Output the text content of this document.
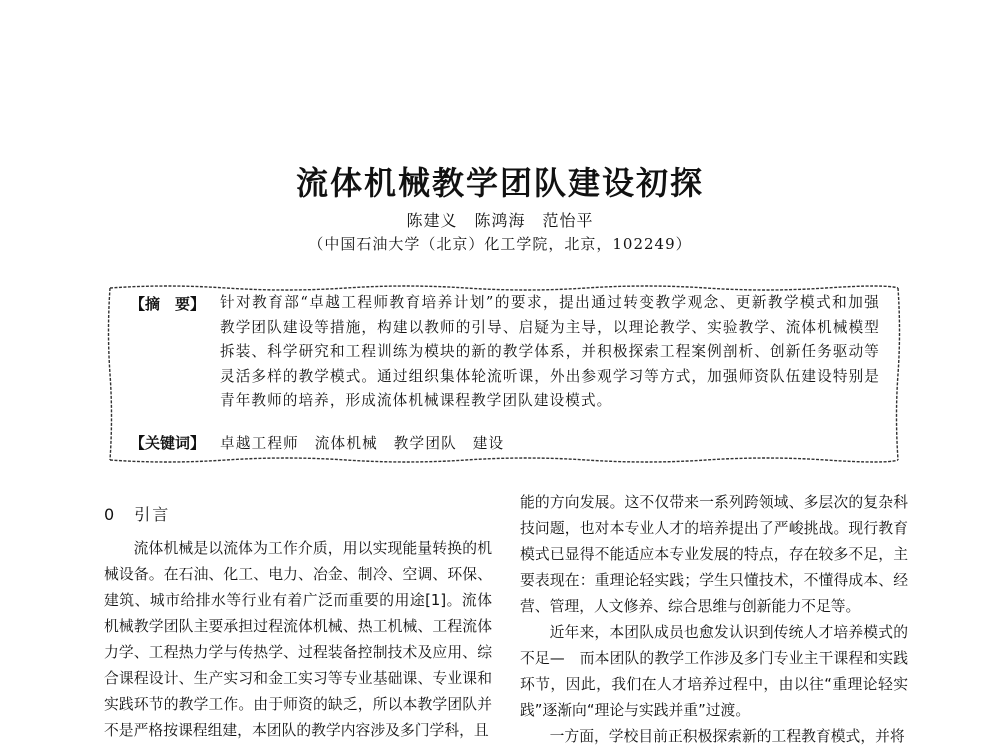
流体机械教学团队建设初探
陈建义　陈鸿海　范怡平
（中国石油大学（北京）化工学院，北京，102249）
【摘　要】 针对教育部“卓越工程师教育培养计划”的要求，提出通过转变教学观念、更新教学模式和加强教学团队建设等措施，构建以教师的引导、启疑为主导，以理论教学、实验教学、流体机械模型拆装、科学研究和工程训练为模块的新的教学体系，并积极探索工程案例剖析、创新任务驱动等灵活多样的教学模式。通过组织集体轮流听课，外出参观学习等方式，加强师资队伍建设特别是青年教师的培养，形成流体机械课程教学团队建设模式。
【关键词】 卓越工程师　流体机械　教学团队　建设
0　 引言

流体机械是以流体为工作介质，用以实现能量转换的机械设备。在石油、化工、电力、冶金、制冷、空调、环保、建筑、城市给排水等行业有着广泛而重要的用途[1]。流体机械教学团队主要承担过程流体机械、热工机械、工程流体力学、工程热力学与传热学、过程装备控制技术及应用、综合课程设计、生产实习和金工实习等专业基础课、专业课和实践环节的教学工作。由于师资的缺乏，所以本教学团队并不是严格按课程组建，本团队的教学内容涉及多门学科，且

能的方向发展。这不仅带来一系列跨领域、多层次的复杂科技问题，也对本专业人才的培养提出了严峻挑战。现行教育模式已显得不能适应本专业发展的特点，存在较多不足，主要表现在：重理论轻实践；学生只懂技术，不懂得成本、经营、管理，人文修养、综合思维与创新能力不足等。

近年来，本团队成员也愈发认识到传统人才培养模式的不足—　而本团队的教学工作涉及多门专业主干课程和实践环节，因此，我们在人才培养过程中，由以往“重理论轻实践”逐渐向“理论与实践并重”过渡。

一方面，学校目前正积极探索新的工程教育模式，并将
